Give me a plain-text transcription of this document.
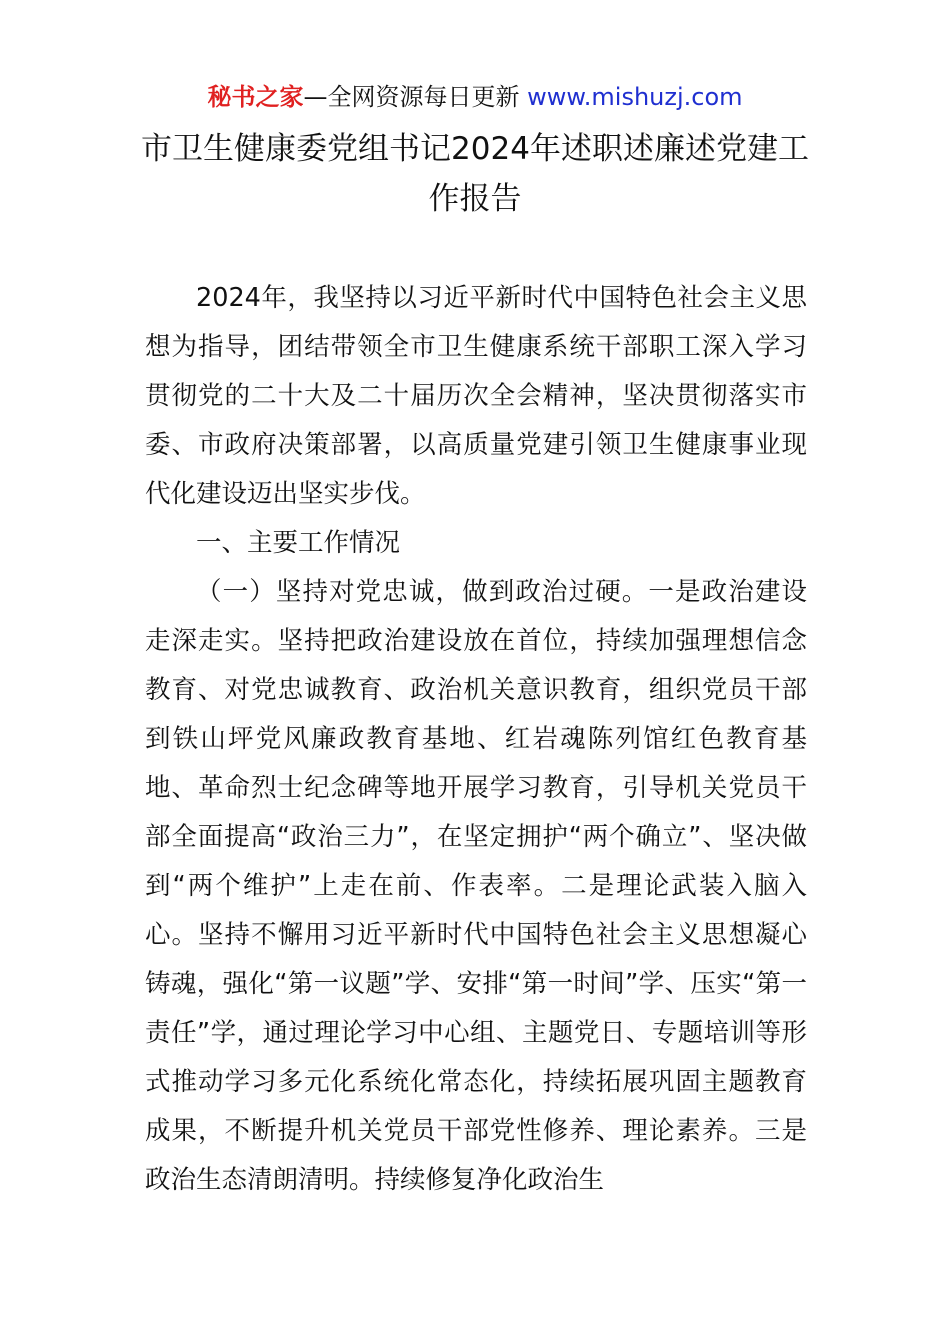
秘书之家—全网资源每日更新 www.mishuzj.com
市卫生健康委党组书记2024年述职述廉述党建工作报告

2024年，我坚持以习近平新时代中国特色社会主义思想为指导，团结带领全市卫生健康系统干部职工深入学习贯彻党的二十大及二十届历次全会精神，坚决贯彻落实市委、市政府决策部署，以高质量党建引领卫生健康事业现代化建设迈出坚实步伐。

一、主要工作情况

（一）坚持对党忠诚，做到政治过硬。一是政治建设走深走实。坚持把政治建设放在首位，持续加强理想信念教育、对党忠诚教育、政治机关意识教育，组织党员干部到铁山坪党风廉政教育基地、红岩魂陈列馆红色教育基地、革命烈士纪念碑等地开展学习教育，引导机关党员干部全面提高“政治三力”，在坚定拥护“两个确立”、坚决做到“两个维护”上走在前、作表率。二是理论武装入脑入心。坚持不懈用习近平新时代中国特色社会主义思想凝心铸魂，强化“第一议题”学、安排“第一时间”学、压实“第一责任”学，通过理论学习中心组、主题党日、专题培训等形式推动学习多元化系统化常态化，持续拓展巩固主题教育成果，不断提升机关党员干部党性修养、理论素养。三是政治生态清朗清明。持续修复净化政治生
